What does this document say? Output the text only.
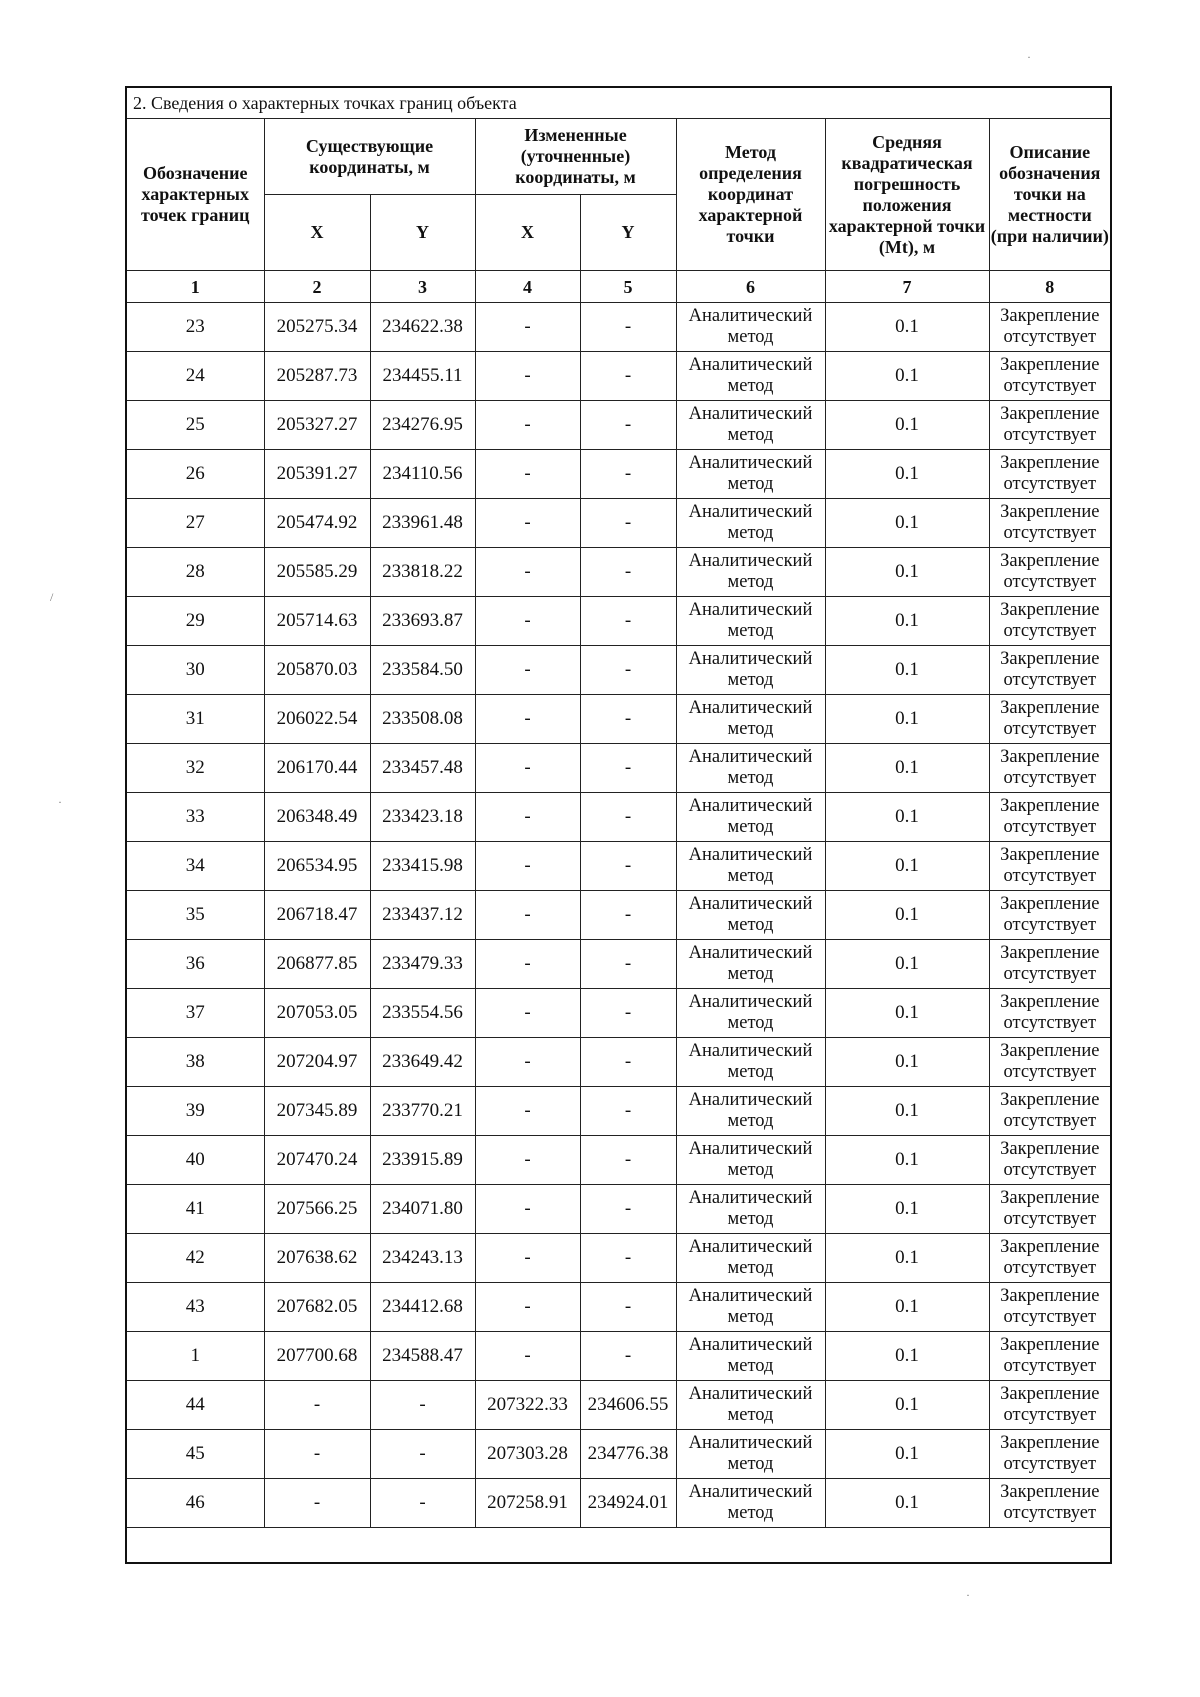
2. Сведения о характерных точках границ объекта							
Обозначение характерных точек границ	Существующие координаты, м		Измененные (уточненные) координаты, м		Метод определения координат характерной точки	Средняя квадратическая погрешность положения характерной точки (Mt), м	Описание обозначения точки на местности (при наличии)
	X	Y	X	Y			
1	2	3	4	5	6	7	8
23	205275.34	234622.38	-	-	Аналитический метод	0.1	Закрепление отсутствует
24	205287.73	234455.11	-	-	Аналитический метод	0.1	Закрепление отсутствует
25	205327.27	234276.95	-	-	Аналитический метод	0.1	Закрепление отсутствует
26	205391.27	234110.56	-	-	Аналитический метод	0.1	Закрепление отсутствует
27	205474.92	233961.48	-	-	Аналитический метод	0.1	Закрепление отсутствует
28	205585.29	233818.22	-	-	Аналитический метод	0.1	Закрепление отсутствует
29	205714.63	233693.87	-	-	Аналитический метод	0.1	Закрепление отсутствует
30	205870.03	233584.50	-	-	Аналитический метод	0.1	Закрепление отсутствует
31	206022.54	233508.08	-	-	Аналитический метод	0.1	Закрепление отсутствует
32	206170.44	233457.48	-	-	Аналитический метод	0.1	Закрепление отсутствует
33	206348.49	233423.18	-	-	Аналитический метод	0.1	Закрепление отсутствует
34	206534.95	233415.98	-	-	Аналитический метод	0.1	Закрепление отсутствует
35	206718.47	233437.12	-	-	Аналитический метод	0.1	Закрепление отсутствует
36	206877.85	233479.33	-	-	Аналитический метод	0.1	Закрепление отсутствует
37	207053.05	233554.56	-	-	Аналитический метод	0.1	Закрепление отсутствует
38	207204.97	233649.42	-	-	Аналитический метод	0.1	Закрепление отсутствует
39	207345.89	233770.21	-	-	Аналитический метод	0.1	Закрепление отсутствует
40	207470.24	233915.89	-	-	Аналитический метод	0.1	Закрепление отсутствует
41	207566.25	234071.80	-	-	Аналитический метод	0.1	Закрепление отсутствует
42	207638.62	234243.13	-	-	Аналитический метод	0.1	Закрепление отсутствует
43	207682.05	234412.68	-	-	Аналитический метод	0.1	Закрепление отсутствует
1	207700.68	234588.47	-	-	Аналитический метод	0.1	Закрепление отсутствует
44	-	-	207322.33	234606.55	Аналитический метод	0.1	Закрепление отсутствует
45	-	-	207303.28	234776.38	Аналитический метод	0.1	Закрепление отсутствует
46	-	-	207258.91	234924.01	Аналитический метод	0.1	Закрепление отсутствует

·
/
·
·
